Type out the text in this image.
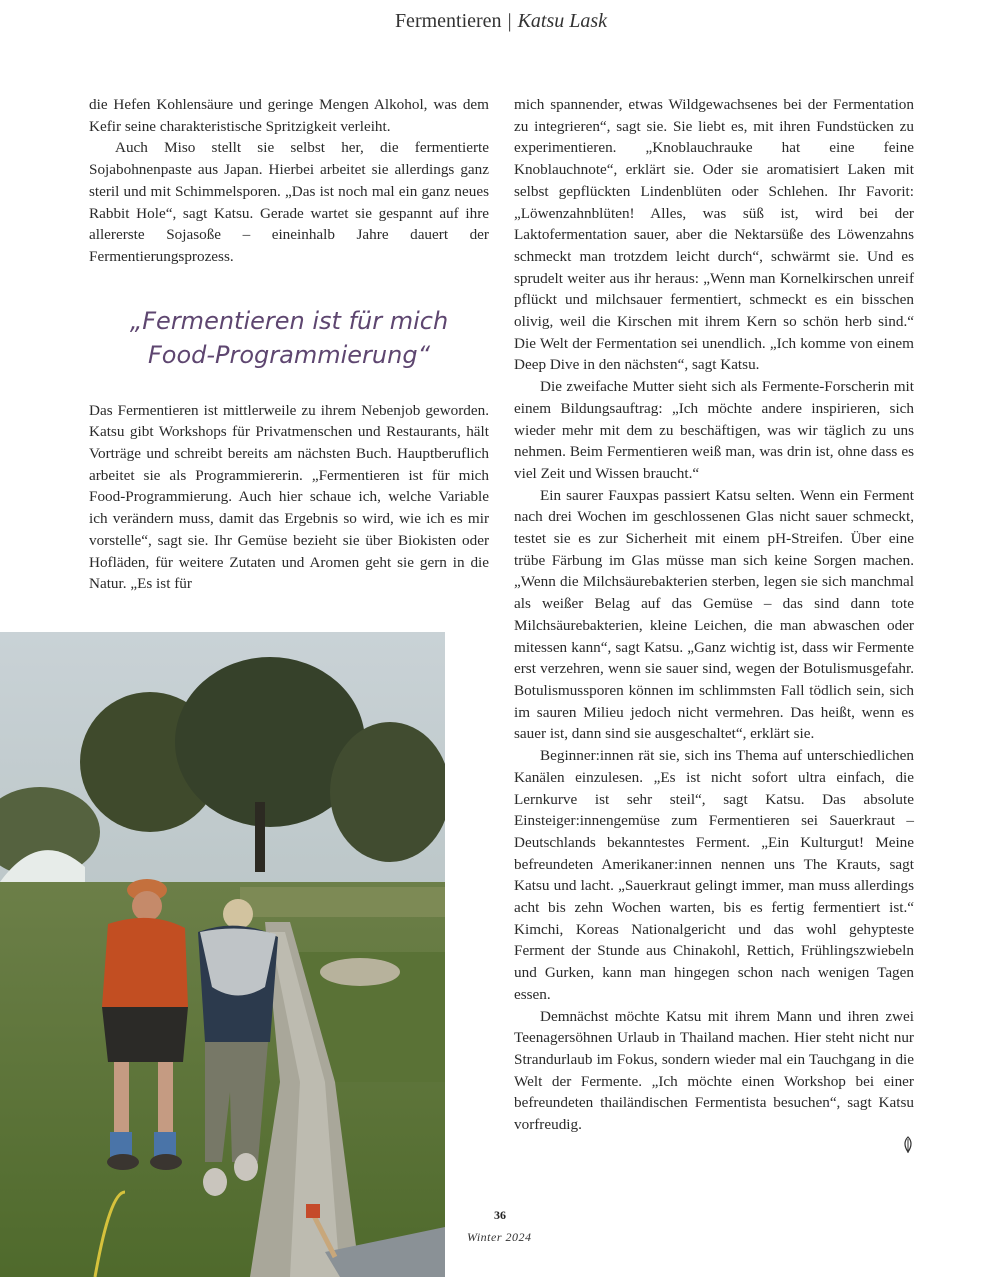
Fermentieren | Katsu Lask

die Hefen Kohlensäure und geringe Mengen Alkohol, was dem Kefir seine charakteristische Spritzigkeit verleiht.

Auch Miso stellt sie selbst her, die fermentierte Sojabohnenpaste aus Japan. Hierbei arbeitet sie allerdings ganz steril und mit Schimmelsporen. „Das ist noch mal ein ganz neues Rabbit Hole“, sagt Katsu. Gerade wartet sie gespannt auf ihre allererste Sojasoße – eineinhalb Jahre dauert der Fermentierungsprozess.

„Fermentieren ist für mich
Food-Programmierung“

Das Fermentieren ist mittlerweile zu ihrem Nebenjob geworden. Katsu gibt Workshops für Privatmenschen und Restaurants, hält Vorträge und schreibt bereits am nächsten Buch. Hauptberuflich arbeitet sie als Programmiererin. „Fermentieren ist für mich Food-Programmierung. Auch hier schaue ich, welche Variable ich verändern muss, damit das Ergebnis so wird, wie ich es mir vorstelle“, sagt sie. Ihr Gemüse bezieht sie über Biokisten oder Hofläden, für weitere Zutaten und Aromen geht sie gern in die Natur. „Es ist für

mich spannender, etwas Wildgewachsenes bei der Fermentation zu integrieren“, sagt sie. Sie liebt es, mit ihren Fundstücken zu experimentieren. „Knoblauchrauke hat eine feine Knoblauchnote“, erklärt sie. Oder sie aromatisiert Laken mit selbst gepflückten Lindenblüten oder Schlehen. Ihr Favorit: „Löwenzahnblüten! Alles, was süß ist, wird bei der Laktofermentation sauer, aber die Nektarsüße des Löwenzahns schmeckt man trotzdem leicht durch“, schwärmt sie. Und es sprudelt weiter aus ihr heraus: „Wenn man Kornelkirschen unreif pflückt und milchsauer fermentiert, schmeckt es ein bisschen olivig, weil die Kirschen mit ihrem Kern so schön herb sind.“ Die Welt der Fermentation sei unendlich. „Ich komme von einem Deep Dive in den nächsten“, sagt Katsu.

Die zweifache Mutter sieht sich als Fermente-Forscherin mit einem Bildungsauftrag: „Ich möchte andere inspirieren, sich wieder mehr mit dem zu beschäftigen, was wir täglich zu uns nehmen. Beim Fermentieren weiß man, was drin ist, ohne dass es viel Zeit und Wissen braucht.“

Ein saurer Fauxpas passiert Katsu selten. Wenn ein Ferment nach drei Wochen im geschlossenen Glas nicht sauer schmeckt, testet sie es zur Sicherheit mit einem pH-Streifen. Über eine trübe Färbung im Glas müsse man sich keine Sorgen machen. „Wenn die Milchsäurebakterien sterben, legen sie sich manchmal als weißer Belag auf das Gemüse – das sind dann tote Milchsäurebakterien, kleine Leichen, die man abwaschen oder mitessen kann“, sagt Katsu. „Ganz wichtig ist, dass wir Fermente erst verzehren, wenn sie sauer sind, wegen der Botulismusgefahr. Botulismussporen können im schlimmsten Fall tödlich sein, sich im sauren Milieu jedoch nicht vermehren. Das heißt, wenn es sauer ist, dann sind sie ausgeschaltet“, erklärt sie.

Beginner:innen rät sie, sich ins Thema auf unterschiedlichen Kanälen einzulesen. „Es ist nicht sofort ultra einfach, die Lernkurve ist sehr steil“, sagt Katsu. Das absolute Einsteiger:innengemüse zum Fermentieren sei Sauerkraut – Deutschlands bekanntestes Ferment. „Ein Kulturgut! Meine befreundeten Amerikaner:innen nennen uns The Krauts, sagt Katsu und lacht. „Sauerkraut gelingt immer, man muss allerdings acht bis zehn Wochen warten, bis es fertig fermentiert ist.“ Kimchi, Koreas Nationalgericht und das wohl gehypteste Ferment der Stunde aus Chinakohl, Rettich, Frühlingszwiebeln und Gurken, kann man hingegen schon nach wenigen Tagen essen.

Demnächst möchte Katsu mit ihrem Mann und ihren zwei Teenagersöhnen Urlaub in Thailand machen. Hier steht nicht nur Strandurlaub im Fokus, sondern wieder mal ein Tauchgang in die Welt der Fermente. „Ich möchte einen Workshop bei einer befreundeten thailändischen Fermentista besuchen“, sagt Katsu vorfreudig.

36
Winter 2024
